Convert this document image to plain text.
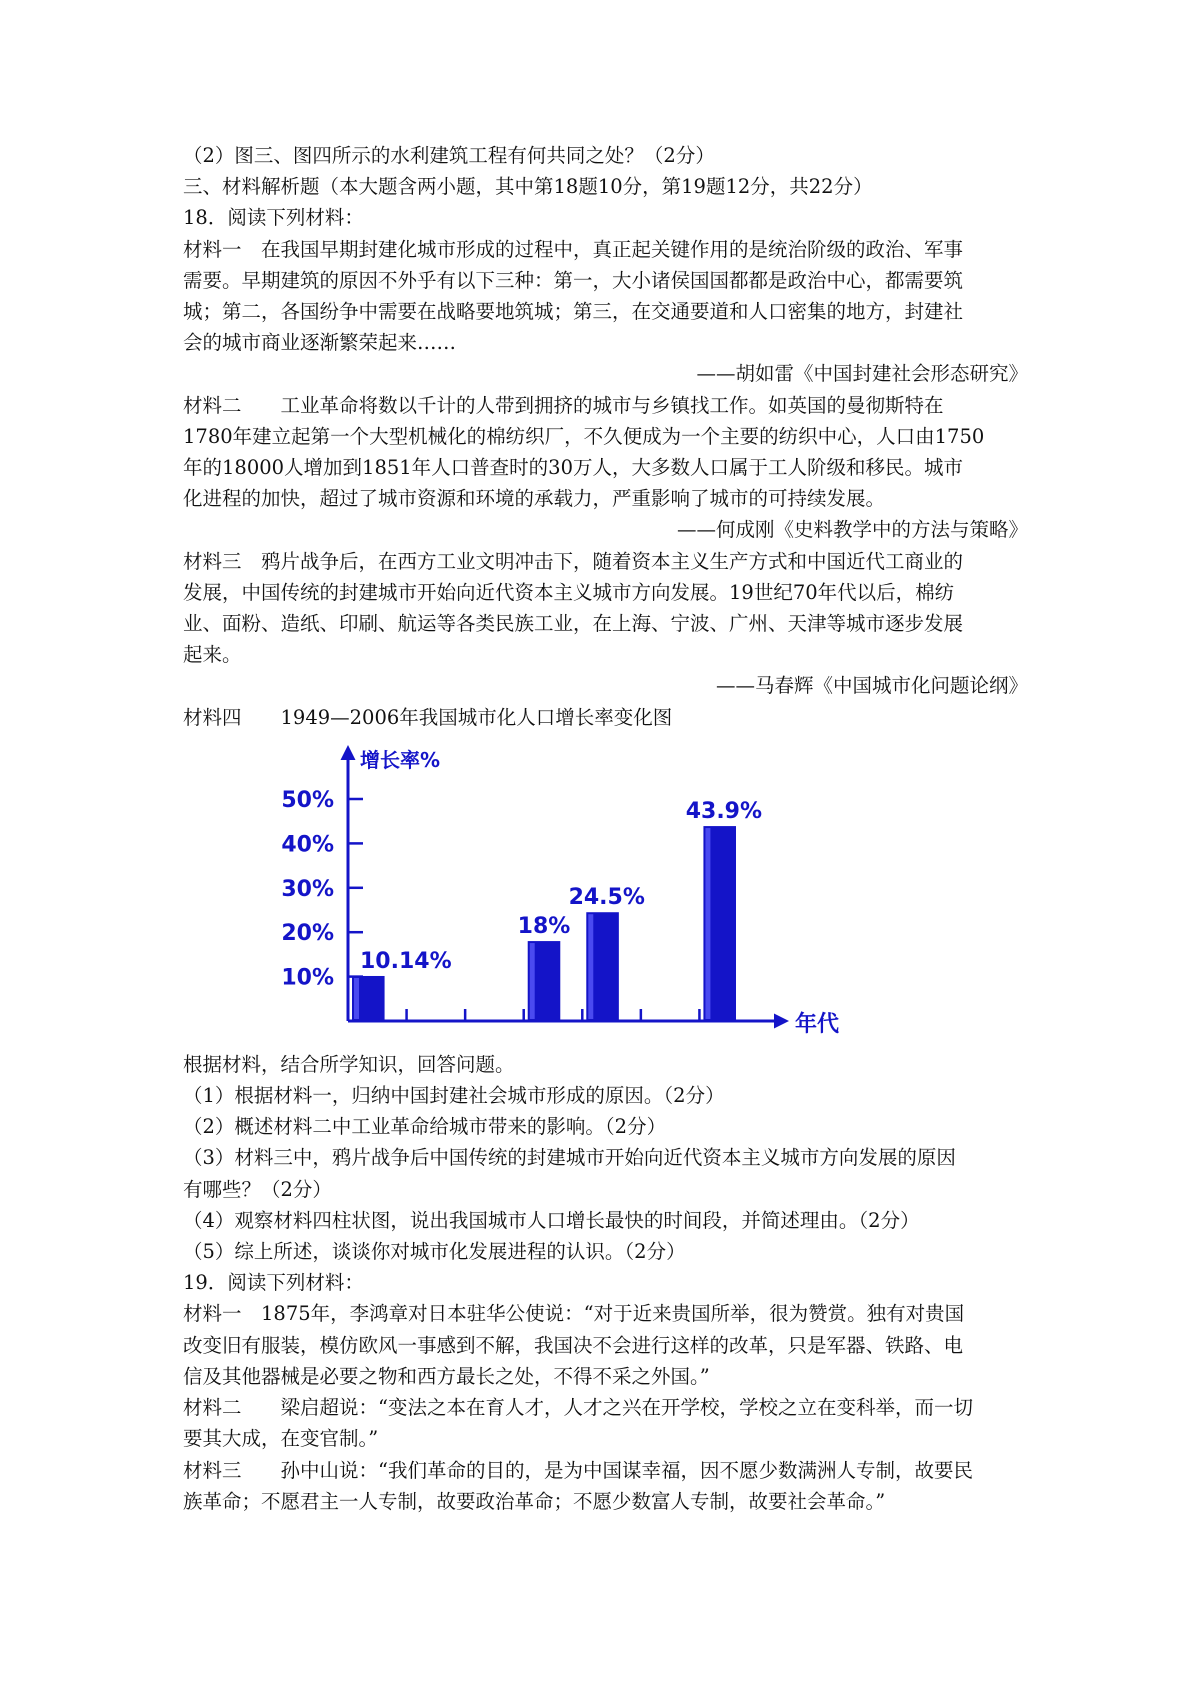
（2）图三、图四所示的水利建筑工程有何共同之处？（2分）

三、材料解析题（本大题含两小题，其中第18题10分，第19题12分，共22分）

18．阅读下列材料：

材料一　在我国早期封建化城市形成的过程中，真正起关键作用的是统治阶级的政治、军事

需要。早期建筑的原因不外乎有以下三种：第一，大小诸侯国国都都是政治中心，都需要筑

城；第二，各国纷争中需要在战略要地筑城；第三，在交通要道和人口密集的地方，封建社

会的城市商业逐渐繁荣起来……

——胡如雷《中国封建社会形态研究》

材料二　　工业革命将数以千计的人带到拥挤的城市与乡镇找工作。如英国的曼彻斯特在

1780年建立起第一个大型机械化的棉纺织厂，不久便成为一个主要的纺织中心，人口由1750

年的18000人增加到1851年人口普查时的30万人，大多数人口属于工人阶级和移民。城市

化进程的加快，超过了城市资源和环境的承载力，严重影响了城市的可持续发展。

——何成刚《史料教学中的方法与策略》

材料三　鸦片战争后，在西方工业文明冲击下，随着资本主义生产方式和中国近代工商业的

发展，中国传统的封建城市开始向近代资本主义城市方向发展。19世纪70年代以后，棉纺

业、面粉、造纸、印刷、航运等各类民族工业，在上海、宁波、广州、天津等城市逐步发展

起来。

——马春辉《中国城市化问题论纲》

材料四　　1949—2006年我国城市化人口增长率变化图

50%
40%
30%
20%
10%
增长率%
年代
10.14%
18%
24.5%
43.9%

根据材料，结合所学知识，回答问题。

（1）根据材料一，归纳中国封建社会城市形成的原因。（2分）

（2）概述材料二中工业革命给城市带来的影响。（2分）

（3）材料三中，鸦片战争后中国传统的封建城市开始向近代资本主义城市方向发展的原因

有哪些？（2分）

（4）观察材料四柱状图，说出我国城市人口增长最快的时间段，并简述理由。（2分）

（5）综上所述，谈谈你对城市化发展进程的认识。（2分）

19．阅读下列材料：

材料一　1875年，李鸿章对日本驻华公使说：“对于近来贵国所举，很为赞赏。独有对贵国

改变旧有服装，模仿欧风一事感到不解，我国决不会进行这样的改革，只是军器、铁路、电

信及其他器械是必要之物和西方最长之处，不得不采之外国。”

材料二　　梁启超说：“变法之本在育人才，人才之兴在开学校，学校之立在变科举，而一切

要其大成，在变官制。”

材料三　　孙中山说：“我们革命的目的，是为中国谋幸福，因不愿少数满洲人专制，故要民

族革命；不愿君主一人专制，故要政治革命；不愿少数富人专制，故要社会革命。”
